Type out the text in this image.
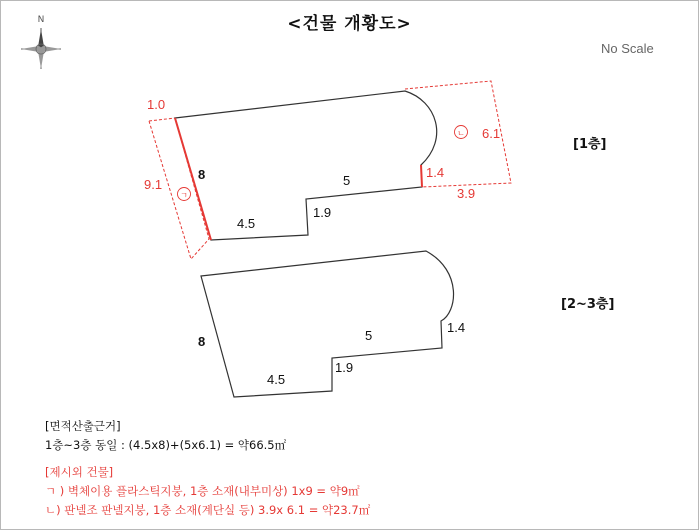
<건물 개황도>
No Scale
[1층]
[2~3층]
N
8	5
1.9
4.5
1.0
9.1
6.1
1.4
3.9
ㄱ
ㄴ
8	5
1.9
1.4
4.5
[면적산출근거]
1층~3층 동일 : (4.5x8)+(5x6.1) = 약66.5㎡
[제시외 건물]
ㄱ ) 벽체이용 플라스틱지붕, 1층 소재(내부미상) 1x9 = 약9㎡
ㄴ) 판넬조 판넬지붕, 1층 소재(계단실 등) 3.9x 6.1 = 약23.7㎡
